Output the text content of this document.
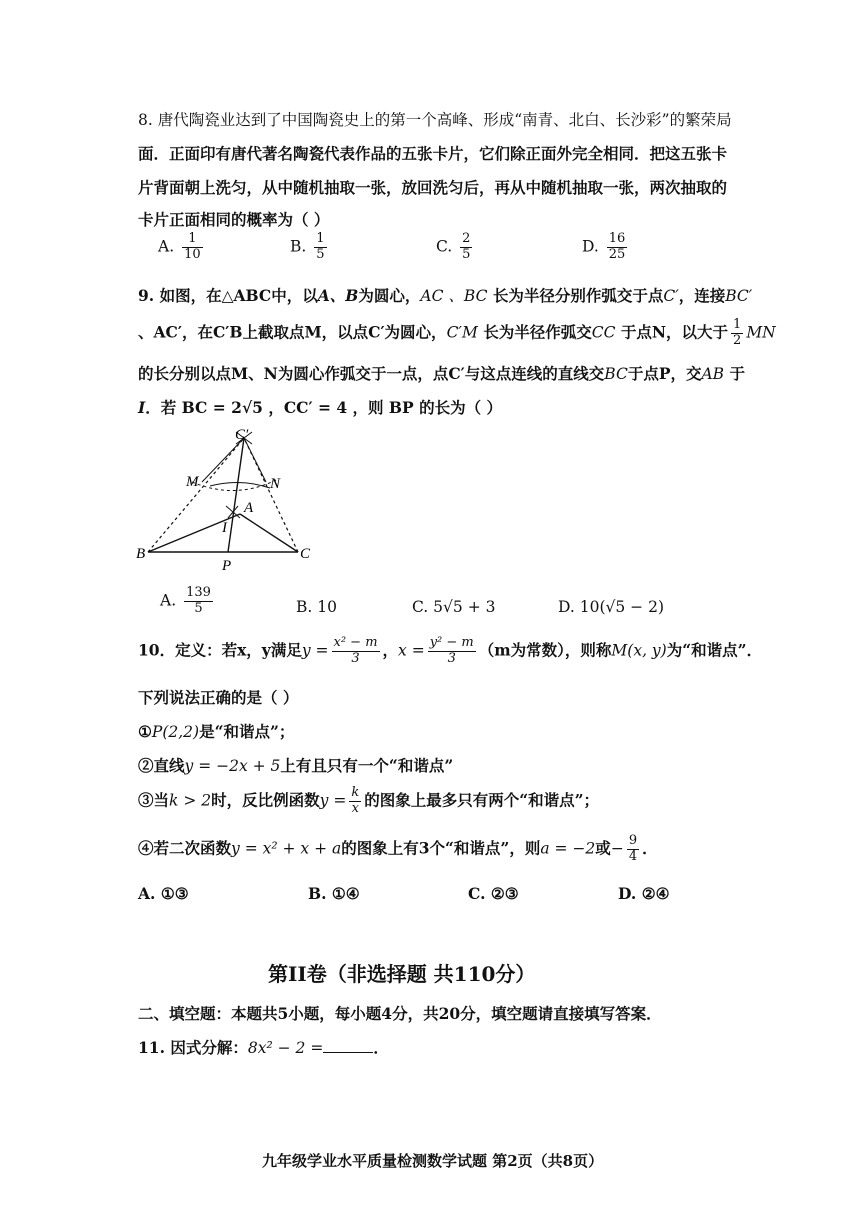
8. 唐代陶瓷业达到了中国陶瓷史上的第一个高峰、形成“南青、北白、长沙彩”的繁荣局
面．正面印有唐代著名陶瓷代表作品的五张卡片，它们除正面外完全相同．把这五张卡
片背面朝上洗匀，从中随机抽取一张，放回洗匀后，再从中随机抽取一张，两次抽取的
卡片正面相同的概率为（ ）
A. $\frac{1}{10}$	B. $\frac{1}{5}$	C. $\frac{2}{5}$	D. $\frac{16}{25}$
9. 如图，在△ABC中，以A、B为圆心，AC 、BC 长为半径分别作弧交于点C′，连接BC′
、AC′，在C′B上截取点M，以点C′为圆心，C′M 长为半径作弧交CC 于点N，以大于 $\frac{1}{2}$ MN
的长分别以点M、N为圆心作弧交于一点，点C′与这点连线的直线交BC于点P，交AB 于
I．若 BC = 2√5 ，CC′ = 4 ，则 BP 的长为（ ）
C′
M	N
A
I
B
P
C
A. $\frac{139}{5}$	B. 10	C. 5√5 + 3	D. 10(√5 − 2)
10．定义：若x，y满足$y = \frac{\text{x² − m}}{3}$ ，$x = \frac{\text{y² − m}}{3} (m$为常数），则称M(x, y)为“和谐点”．
下列说法正确的是（ ）
①P(2,2)是“和谐点”；
②直线y = −2x + 5上有且只有一个“和谐点”
③当k > 2时，反比例函数$y = \frac{k}{x}$ 的图象上最多只有两个“和谐点”；
④若二次函数y = x² + x + a的图象上有3个“和谐点”，则a = −2或− $\frac{9}{4}$ ．
A. ①③	B. ①④	C. ②③	D. ②④
第II卷（非选择题 共110分）
二、填空题：本题共5小题，每小题4分，共20分，填空题请直接填写答案．
11. 因式分解：8x² − 2 =	．
九年级学业水平质量检测数学试题 第2页（共8页）
